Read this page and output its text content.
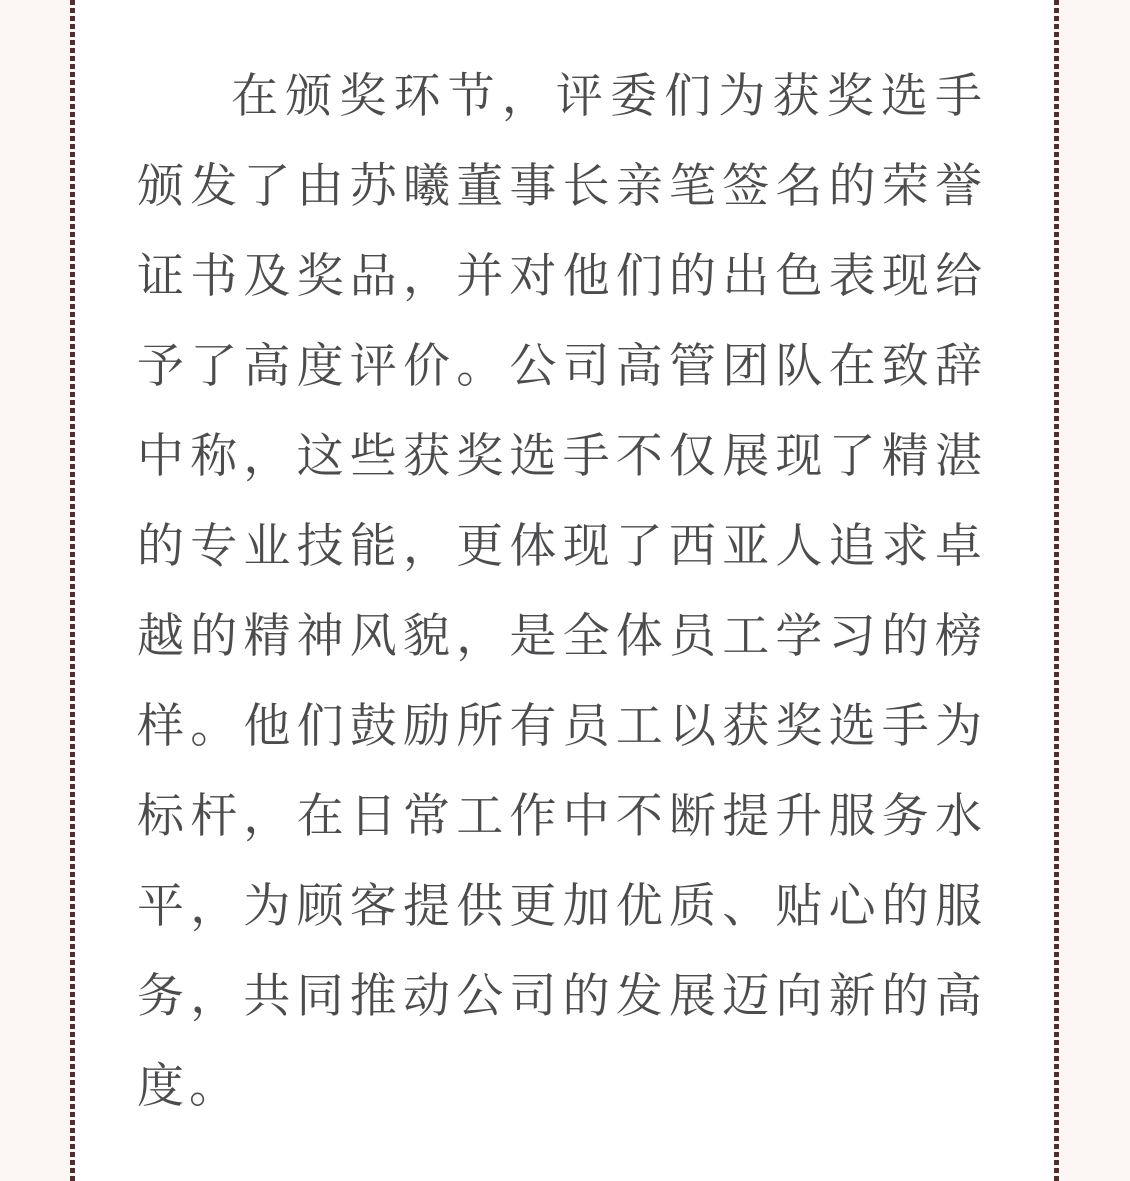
在颁奖环节，评委们为获奖选手

颁发了由苏曦董事长亲笔签名的荣誉

证书及奖品，并对他们的出色表现给

予了高度评价。公司高管团队在致辞

中称，这些获奖选手不仅展现了精湛

的专业技能，更体现了西亚人追求卓

越的精神风貌，是全体员工学习的榜

样。他们鼓励所有员工以获奖选手为

标杆，在日常工作中不断提升服务水

平，为顾客提供更加优质、贴心的服

务，共同推动公司的发展迈向新的高

度。
